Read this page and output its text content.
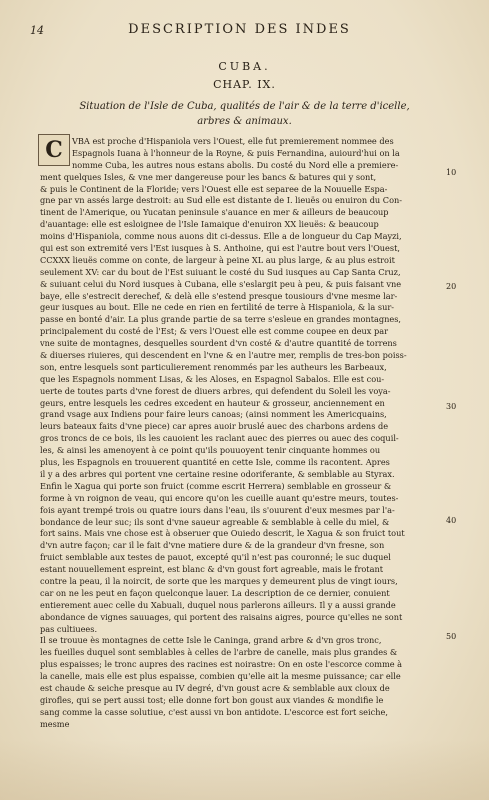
14	DESCRIPTION DES INDES
CUBA.
CHAP. IX.
Situation de l'Isle de Cuba, qualités de l'air & de la terre d'icelle,
arbres & animaux.
C	VBA est proche d'Hispaniola vers l'Ouest, elle fut premierement nommee des
Espagnols Iuana à l'honneur de la Royne, & puis Fernandina, auiourd'hui on la
nomme Cuba, les autres nous estans abolis. Du costé du Nord elle a premiere-
ment quelques Isles, & vne mer dangereuse pour les bancs & batures qui y sont,
& puis le Continent de la Floride; vers l'Ouest elle est separee de la Nouuelle Espa-
gne par vn assés large destroit: au Sud elle est distante de I. lieuës ou enuiron du Con-
tinent de l'Amerique, ou Yucatan peninsule s'auance en mer & ailleurs de beaucoup
d'auantage: elle est esloignee de l'Isle Iamaique d'enuiron XX lieuës: & beaucoup
moins d'Hispaniola, comme nous auons dit ci-dessus. Elle a de longueur du Cap Mayzi,
qui est son extremité vers l'Est iusques à S. Anthoine, qui est l'autre bout vers l'Ouest,
CCXXX lieuës comme on conte, de largeur à peine XL au plus large, & au plus estroit
seulement XV: car du bout de l'Est suiuant le costé du Sud iusques au Cap Santa Cruz,
& suiuant celui du Nord iusques à Cubana, elle s'eslargit peu à peu, & puis faisant vne
baye, elle s'estrecit derechef, & delà elle s'estend presque tousiours d'vne mesme lar-
geur iusques au bout. Elle ne cede en rien en fertilité de terre à Hispaniola, & la sur-
passe en bonté d'air. La plus grande partie de sa terre s'esleue en grandes montagnes,
principalement du costé de l'Est; & vers l'Ouest elle est comme coupee en deux par
vne suite de montagnes, desquelles sourdent d'vn costé & d'autre quantité de torrens
& diuerses riuieres, qui descendent en l'vne & en l'autre mer, remplis de tres-bon poiss-
son, entre lesquels sont particulierement renommés par les autheurs les Barbeaux,
que les Espagnols nomment Lisas, & les Aloses, en Espagnol Sabalos. Elle est cou-
uerte de toutes parts d'vne forest de diuers arbres, qui defendent du Soleil les voya-
geurs, entre lesquels les cedres excedent en hauteur & grosseur, anciennement en
grand vsage aux Indiens pour faire leurs canoas; (ainsi nomment les Americquains,
leurs bateaux faits d'vne piece) car apres auoir bruslé auec des charbons ardens de
gros troncs de ce bois, ils les cauoient les raclant auec des pierres ou auec des coquil-
les, & ainsi les amenoyent à ce point qu'ils pouuoyent tenir cinquante hommes ou
plus, les Espagnols en trouuerent quantité en cette Isle, comme ils racontent. Apres
il y a des arbres qui portent vne certaine resine odoriferante, & semblable au Styrax.
Enfin le Xagua qui porte son fruict (comme escrit Herrera) semblable en grosseur &
forme à vn roignon de veau, qui encore qu'on les cueille auant qu'estre meurs, toutes-
fois ayant trempé trois ou quatre iours dans l'eau, ils s'ouurent d'eux mesmes par l'a-
bondance de leur suc; ils sont d'vne saueur agreable & semblable à celle du miel, &
fort sains. Mais vne chose est à obseruer que Ouiedo descrit, le Xagua & son fruict tout
d'vn autre façon; car il le fait d'vne matiere dure & de la grandeur d'vn fresne, son
fruict semblable aux testes de pauot, excepté qu'il n'est pas couronné; le suc duquel
estant nouuellement espreint, est blanc & d'vn goust fort agreable, mais le frotant
contre la peau, il la noircit, de sorte que les marques y demeurent plus de vingt iours,
car on ne les peut en façon quelconque lauer. La description de ce dernier, conuient
entierement auec celle du Xabuali, duquel nous parlerons ailleurs. Il y a aussi grande
abondance de vignes sauuages, qui portent des raisains aigres, pource qu'elles ne sont
pas cultiuees.
Il se trouue ès montagnes de cette Isle le Caninga, grand arbre & d'vn gros tronc,
les fueilles duquel sont semblables à celles de l'arbre de canelle, mais plus grandes &
plus espaisses; le tronc aupres des racines est noirastre: On en oste l'escorce comme à
la canelle, mais elle est plus espaisse, combien qu'elle ait la mesme puissance; car elle
est chaude & seiche presque au IV degré, d'vn goust acre & semblable aux cloux de
girofles, qui se pert aussi tost; elle donne fort bon goust aux viandes & mondifie le
sang comme la casse solutiue, c'est aussi vn bon antidote. L'escorce est fort seiche,
mesme
10
20
30
40
50
